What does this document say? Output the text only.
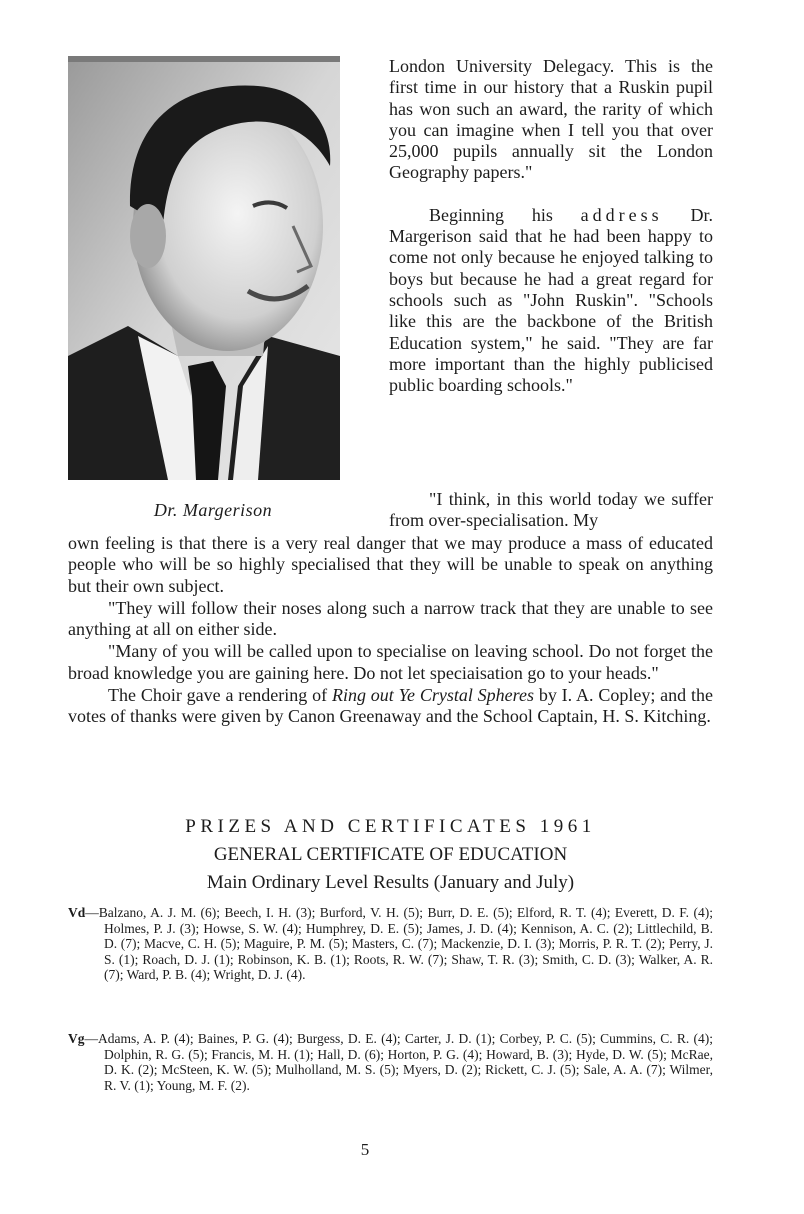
Dr. Margerison

London University Delegacy. This is the first time in our history that a Ruskin pupil has won such an award, the rarity of which you can imagine when I tell you that over 25,000 pupils annually sit the London Geography papers."

Beginning his address Dr. Margerison said that he had been happy to come not only because he enjoyed talking to boys but because he had a great regard for schools such as "John Ruskin". "Schools like this are the backbone of the British Education system," he said. "They are far more important than the highly publicised public boarding schools."

"I think, in this world today we suffer from over-specialisation. My

own feeling is that there is a very real danger that we may produce a mass of educated people who will be so highly specialised that they will be unable to speak on anything but their own subject.

"They will follow their noses along such a narrow track that they are unable to see anything at all on either side.

"Many of you will be called upon to specialise on leaving school. Do not forget the broad knowledge you are gaining here. Do not let speciaisation go to your heads."

The Choir gave a rendering of Ring out Ye Crystal Spheres by I. A. Copley; and the votes of thanks were given by Canon Greenaway and the School Captain, H. S. Kitching.

PRIZES AND CERTIFICATES 1961
GENERAL CERTIFICATE OF EDUCATION
Main Ordinary Level Results (January and July)
Vd—Balzano, A. J. M. (6); Beech, I. H. (3); Burford, V. H. (5); Burr, D. E. (5); Elford, R. T. (4); Everett, D. F. (4); Holmes, P. J. (3); Howse, S. W. (4); Humphrey, D. E. (5); James, J. D. (4); Kennison, A. C. (2); Littlechild, B. D. (7); Macve, C. H. (5); Maguire, P. M. (5); Masters, C. (7); Mackenzie, D. I. (3); Morris, P. R. T. (2); Perry, J. S. (1); Roach, D. J. (1); Robinson, K. B. (1); Roots, R. W. (7); Shaw, T. R. (3); Smith, C. D. (3); Walker, A. R. (7); Ward, P. B. (4); Wright, D. J. (4).
Vg—Adams, A. P. (4); Baines, P. G. (4); Burgess, D. E. (4); Carter, J. D. (1); Corbey, P. C. (5); Cummins, C. R. (4); Dolphin, R. G. (5); Francis, M. H. (1); Hall, D. (6); Horton, P. G. (4); Howard, B. (3); Hyde, D. W. (5); McRae, D. K. (2); McSteen, K. W. (5); Mulholland, M. S. (5); Myers, D. (2); Rickett, C. J. (5); Sale, A. A. (7); Wilmer, R. V. (1); Young, M. F. (2).
5
